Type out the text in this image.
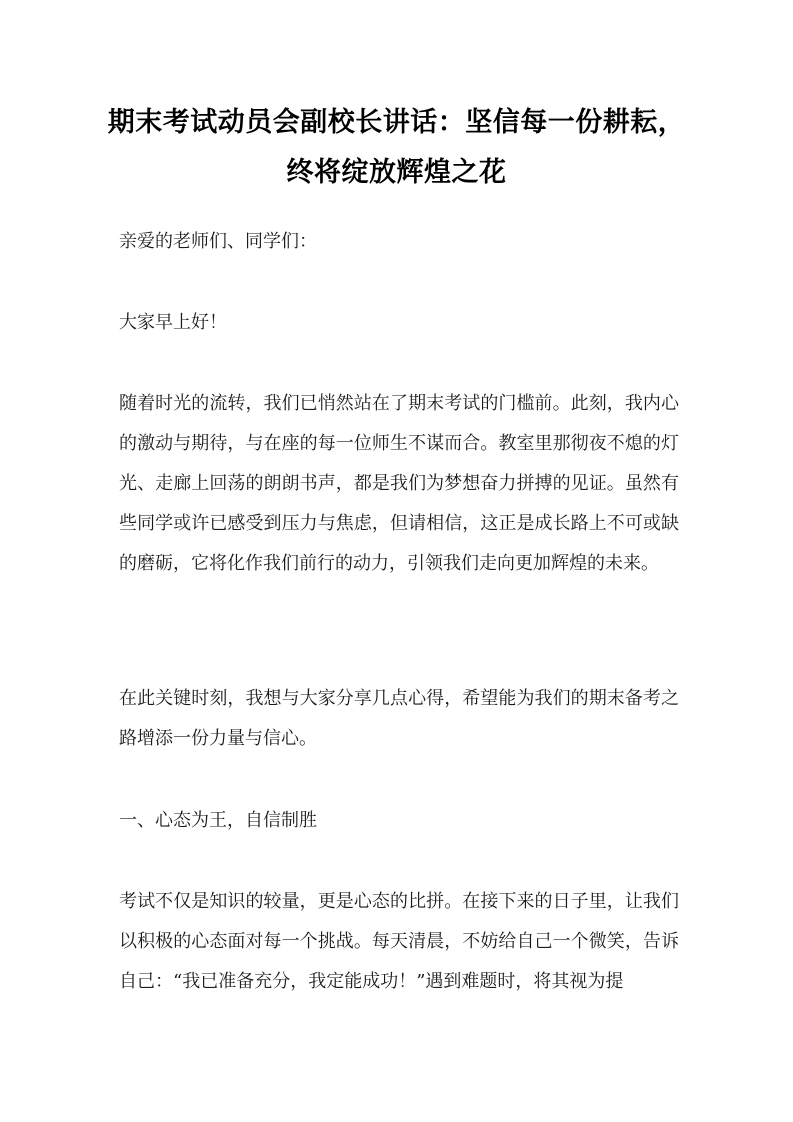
期末考试动员会副校长讲话：坚信每一份耕耘，终将绽放辉煌之花
亲爱的老师们、同学们：
大家早上好！
随着时光的流转，我们已悄然站在了期末考试的门槛前。此刻，我内心的激动与期待，与在座的每一位师生不谋而合。教室里那彻夜不熄的灯光、走廊上回荡的朗朗书声，都是我们为梦想奋力拼搏的见证。虽然有些同学或许已感受到压力与焦虑，但请相信，这正是成长路上不可或缺的磨砺，它将化作我们前行的动力，引领我们走向更加辉煌的未来。
在此关键时刻，我想与大家分享几点心得，希望能为我们的期末备考之路增添一份力量与信心。
一、心态为王，自信制胜
考试不仅是知识的较量，更是心态的比拼。在接下来的日子里，让我们以积极的心态面对每一个挑战。每天清晨，不妨给自己一个微笑，告诉自己：“我已准备充分，我定能成功！”遇到难题时，将其视为提
